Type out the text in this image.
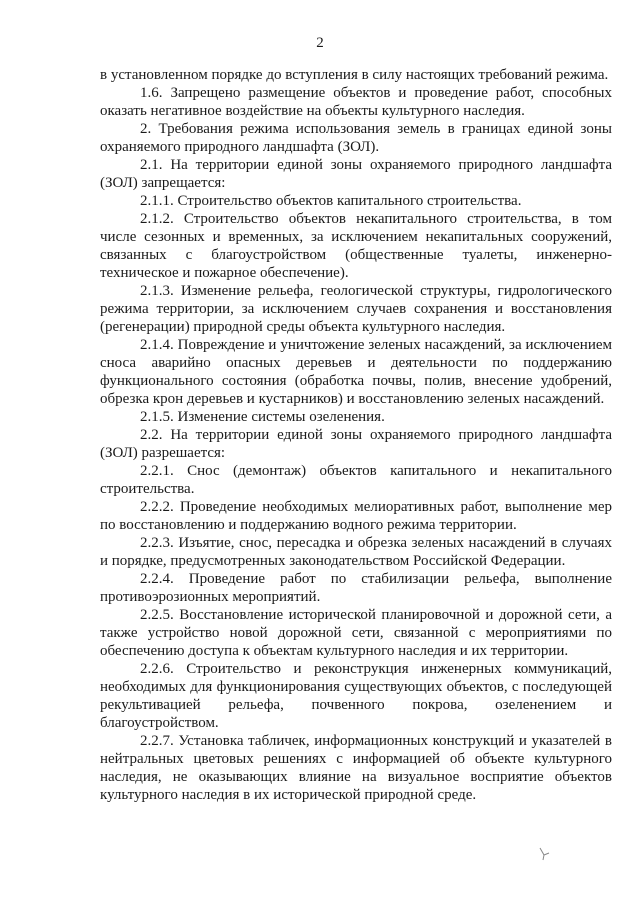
2

в установленном порядке до вступления в силу настоящих требований режима.

1.6. Запрещено размещение объектов и проведение работ, способных оказать негативное воздействие на объекты культурного наследия.

2. Требования режима использования земель в границах единой зоны охраняемого природного ландшафта (ЗОЛ).

2.1. На территории единой зоны охраняемого природного ландшафта (ЗОЛ) запрещается:

2.1.1. Строительство объектов капитального строительства.

2.1.2. Строительство объектов некапитального строительства, в том числе сезонных и временных, за исключением некапитальных сооружений, связанных с благоустройством (общественные туалеты, инженерно-техническое и пожарное обеспечение).

2.1.3. Изменение рельефа, геологической структуры, гидрологического режима территории, за исключением случаев сохранения и восстановления (регенерации) природной среды объекта культурного наследия.

2.1.4. Повреждение и уничтожение зеленых насаждений, за исключением сноса аварийно опасных деревьев и деятельности по поддержанию функционального состояния (обработка почвы, полив, внесение удобрений, обрезка крон деревьев и кустарников) и восстановлению зеленых насаждений.

2.1.5. Изменение системы озеленения.

2.2. На территории единой зоны охраняемого природного ландшафта (ЗОЛ) разрешается:

2.2.1. Снос (демонтаж) объектов капитального и некапитального строительства.

2.2.2. Проведение необходимых мелиоративных работ, выполнение мер по восстановлению и поддержанию водного режима территории.

2.2.3. Изъятие, снос, пересадка и обрезка зеленых насаждений в случаях и порядке, предусмотренных законодательством Российской Федерации.

2.2.4. Проведение работ по стабилизации рельефа, выполнение противоэрозионных мероприятий.

2.2.5. Восстановление исторической планировочной и дорожной сети, а также устройство новой дорожной сети, связанной с мероприятиями по обеспечению доступа к объектам культурного наследия и их территории.

2.2.6. Строительство и реконструкция инженерных коммуникаций, необходимых для функционирования существующих объектов, с последующей рекультивацией рельефа, почвенного покрова, озеленением и благоустройством.

2.2.7. Установка табличек, информационных конструкций и указателей в нейтральных цветовых решениях с информацией об объекте культурного наследия, не оказывающих влияние на визуальное восприятие объектов культурного наследия в их исторической природной среде.
